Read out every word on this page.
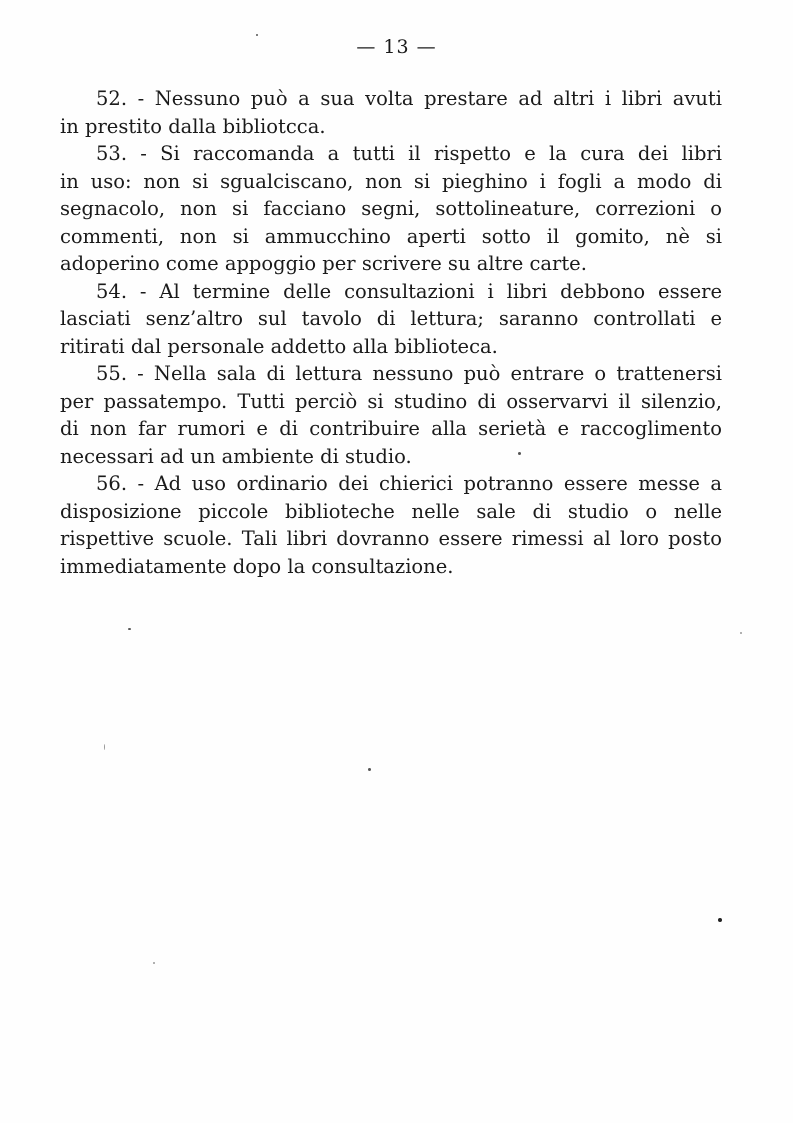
— 13 —
52. - Nessuno può a sua volta prestare ad altri i libri avuti
in prestito dalla bibliotcca.
53. - Si raccomanda a tutti il rispetto e la cura dei libri
in uso: non si sgualciscano, non si pieghino i fogli a modo di
segnacolo, non si facciano segni, sottolineature, correzioni o
commenti, non si ammucchino aperti sotto il gomito, nè si
adoperino come appoggio per scrivere su altre carte.
54. - Al termine delle consultazioni i libri debbono essere
lasciati senz’altro sul tavolo di lettura; saranno controllati e
ritirati dal personale addetto alla biblioteca.
55. - Nella sala di lettura nessuno può entrare o trattenersi
per passatempo. Tutti perciò si studino di osservarvi il silenzio,
di non far rumori e di contribuire alla serietà e raccoglimento
necessari ad un ambiente di studio.
56. - Ad uso ordinario dei chierici potranno essere messe a
disposizione piccole biblioteche nelle sale di studio o nelle
rispettive scuole. Tali libri dovranno essere rimessi al loro posto
immediatamente dopo la consultazione.
